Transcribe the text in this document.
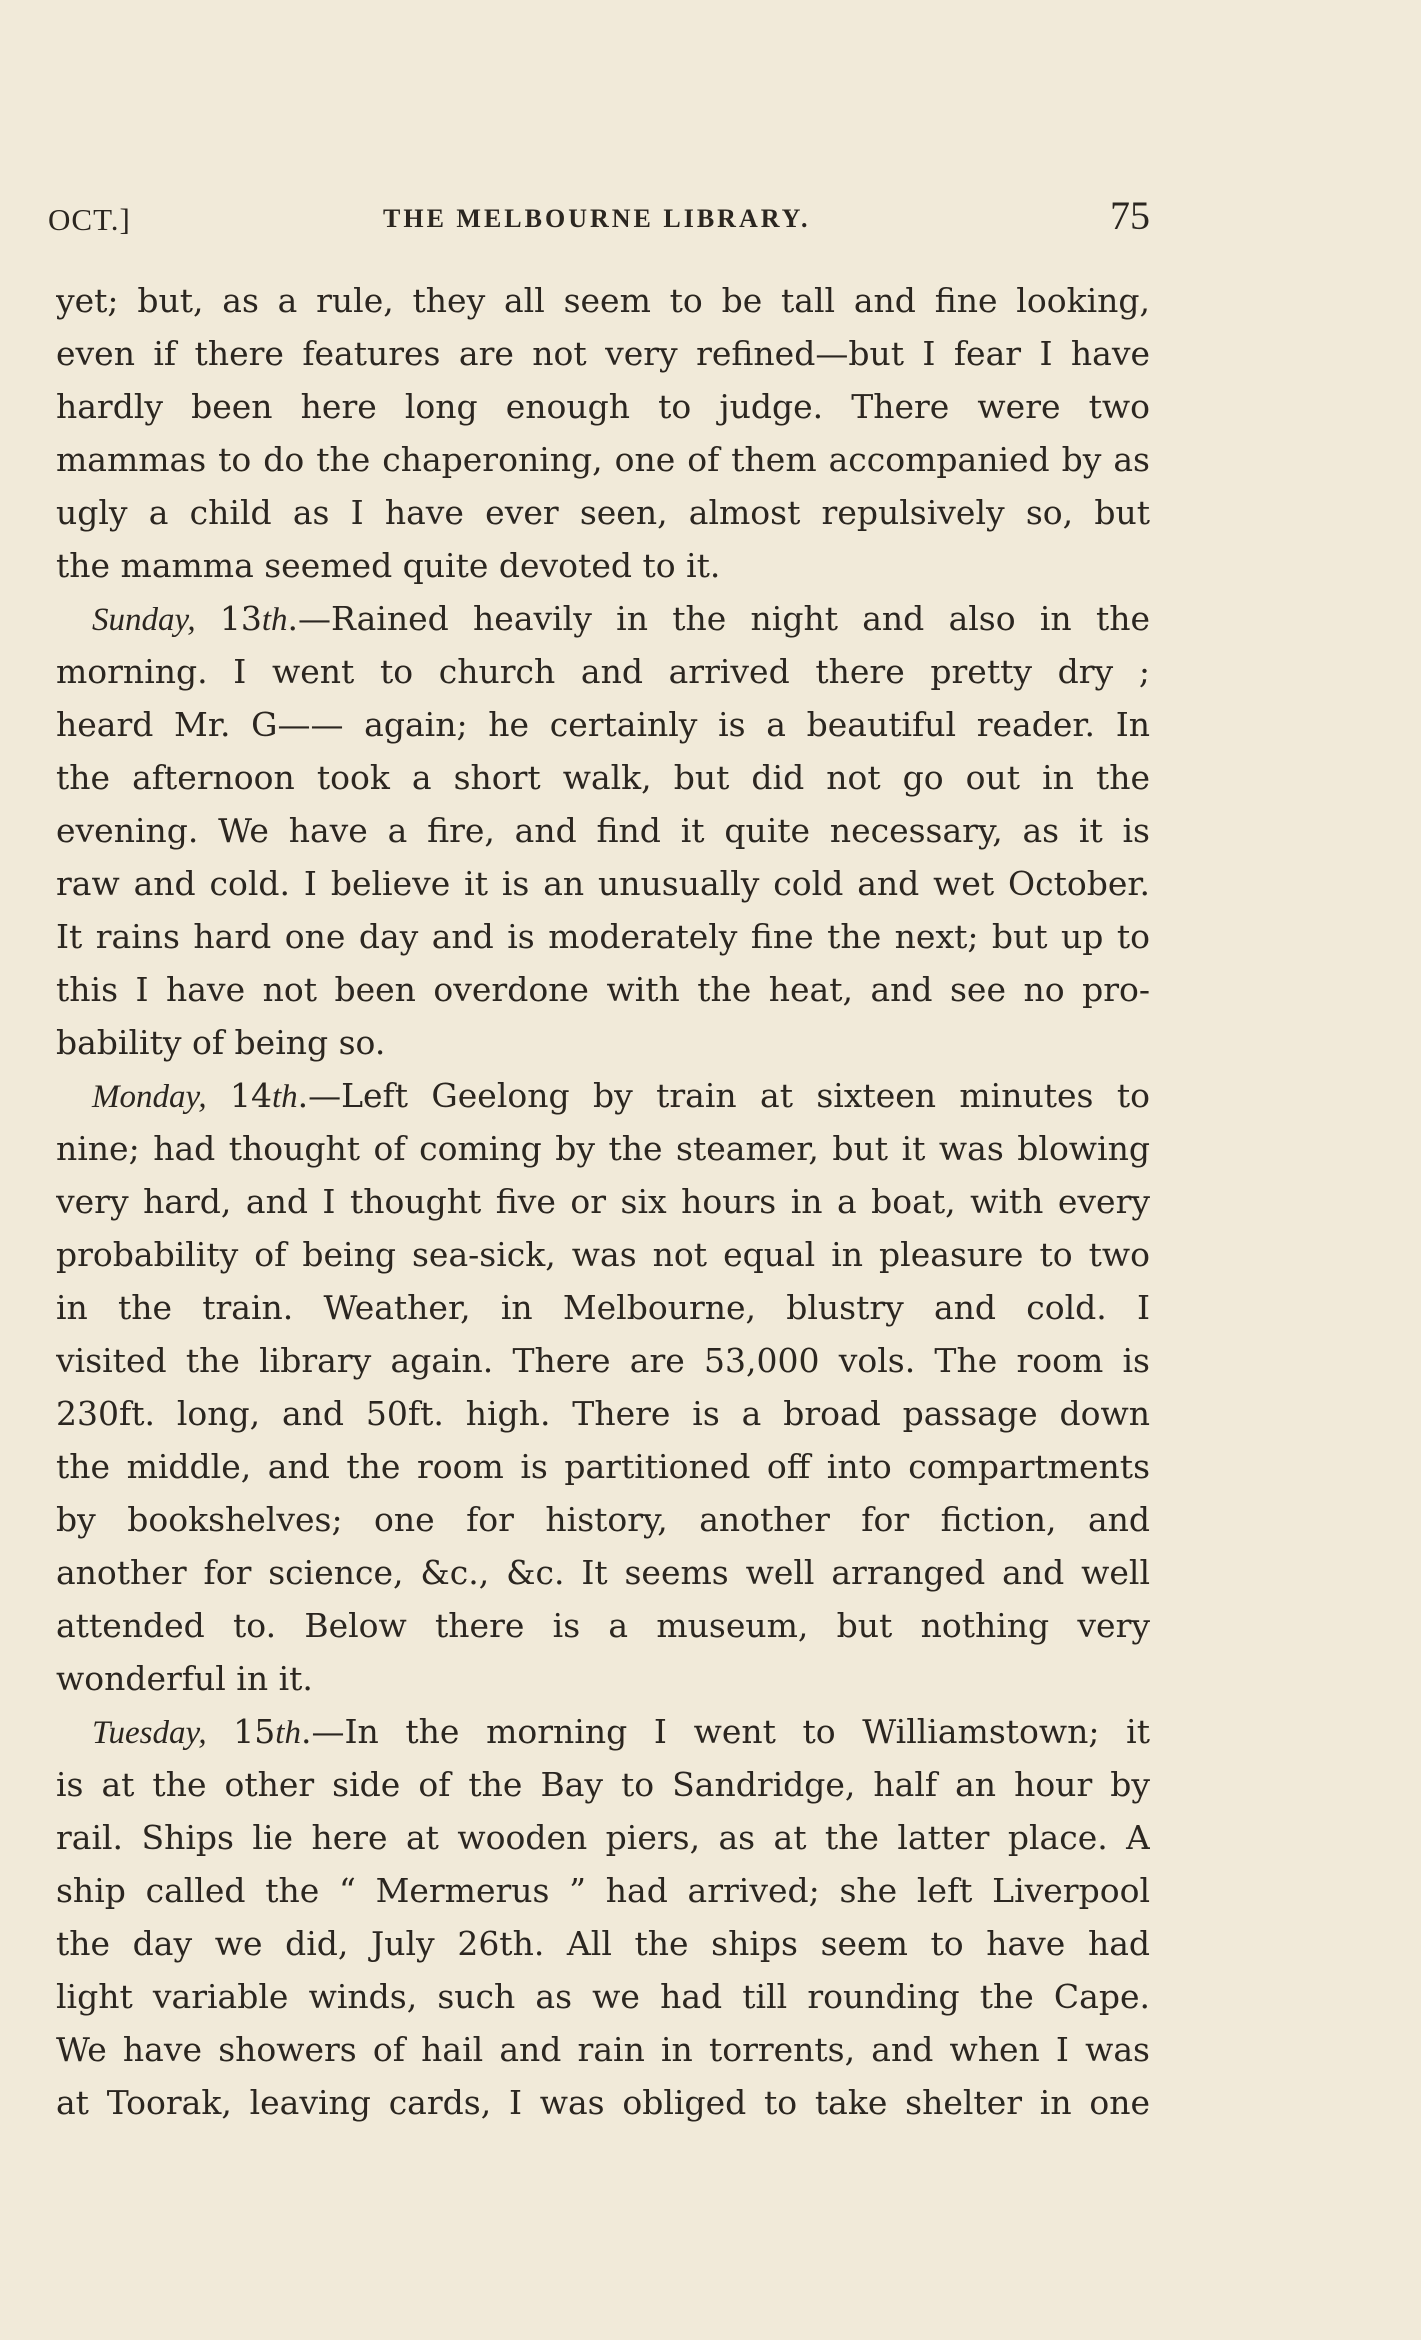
OCT.]	THE MELBOURNE LIBRARY.	75
yet; but, as a rule, they all seem to be tall and fine looking,
even if there features are not very refined—but I fear I have
hardly been here long enough to judge. There were two
mammas to do the chaperoning, one of them accompanied by as
ugly a child as I have ever seen, almost repulsively so, but
the mamma seemed quite devoted to it.
Sunday, 13th.—Rained heavily in the night and also in the
morning. I went to church and arrived there pretty dry ;
heard Mr. G—— again; he certainly is a beautiful reader. In
the afternoon took a short walk, but did not go out in the
evening. We have a fire, and find it quite necessary, as it is
raw and cold. I believe it is an unusually cold and wet October.
It rains hard one day and is moderately fine the next; but up to
this I have not been overdone with the heat, and see no pro-
bability of being so.
Monday, 14th.—Left Geelong by train at sixteen minutes to
nine; had thought of coming by the steamer, but it was blowing
very hard, and I thought five or six hours in a boat, with every
probability of being sea-sick, was not equal in pleasure to two
in the train. Weather, in Melbourne, blustry and cold. I
visited the library again. There are 53,000 vols. The room is
230ft. long, and 50ft. high. There is a broad passage down
the middle, and the room is partitioned off into compartments
by bookshelves; one for history, another for fiction, and
another for science, &c., &c. It seems well arranged and well
attended to. Below there is a museum, but nothing very
wonderful in it.
Tuesday, 15th.—In the morning I went to Williamstown; it
is at the other side of the Bay to Sandridge, half an hour by
rail. Ships lie here at wooden piers, as at the latter place. A
ship called the “ Mermerus ” had arrived; she left Liverpool
the day we did, July 26th. All the ships seem to have had
light variable winds, such as we had till rounding the Cape.
We have showers of hail and rain in torrents, and when I was
at Toorak, leaving cards, I was obliged to take shelter in one
